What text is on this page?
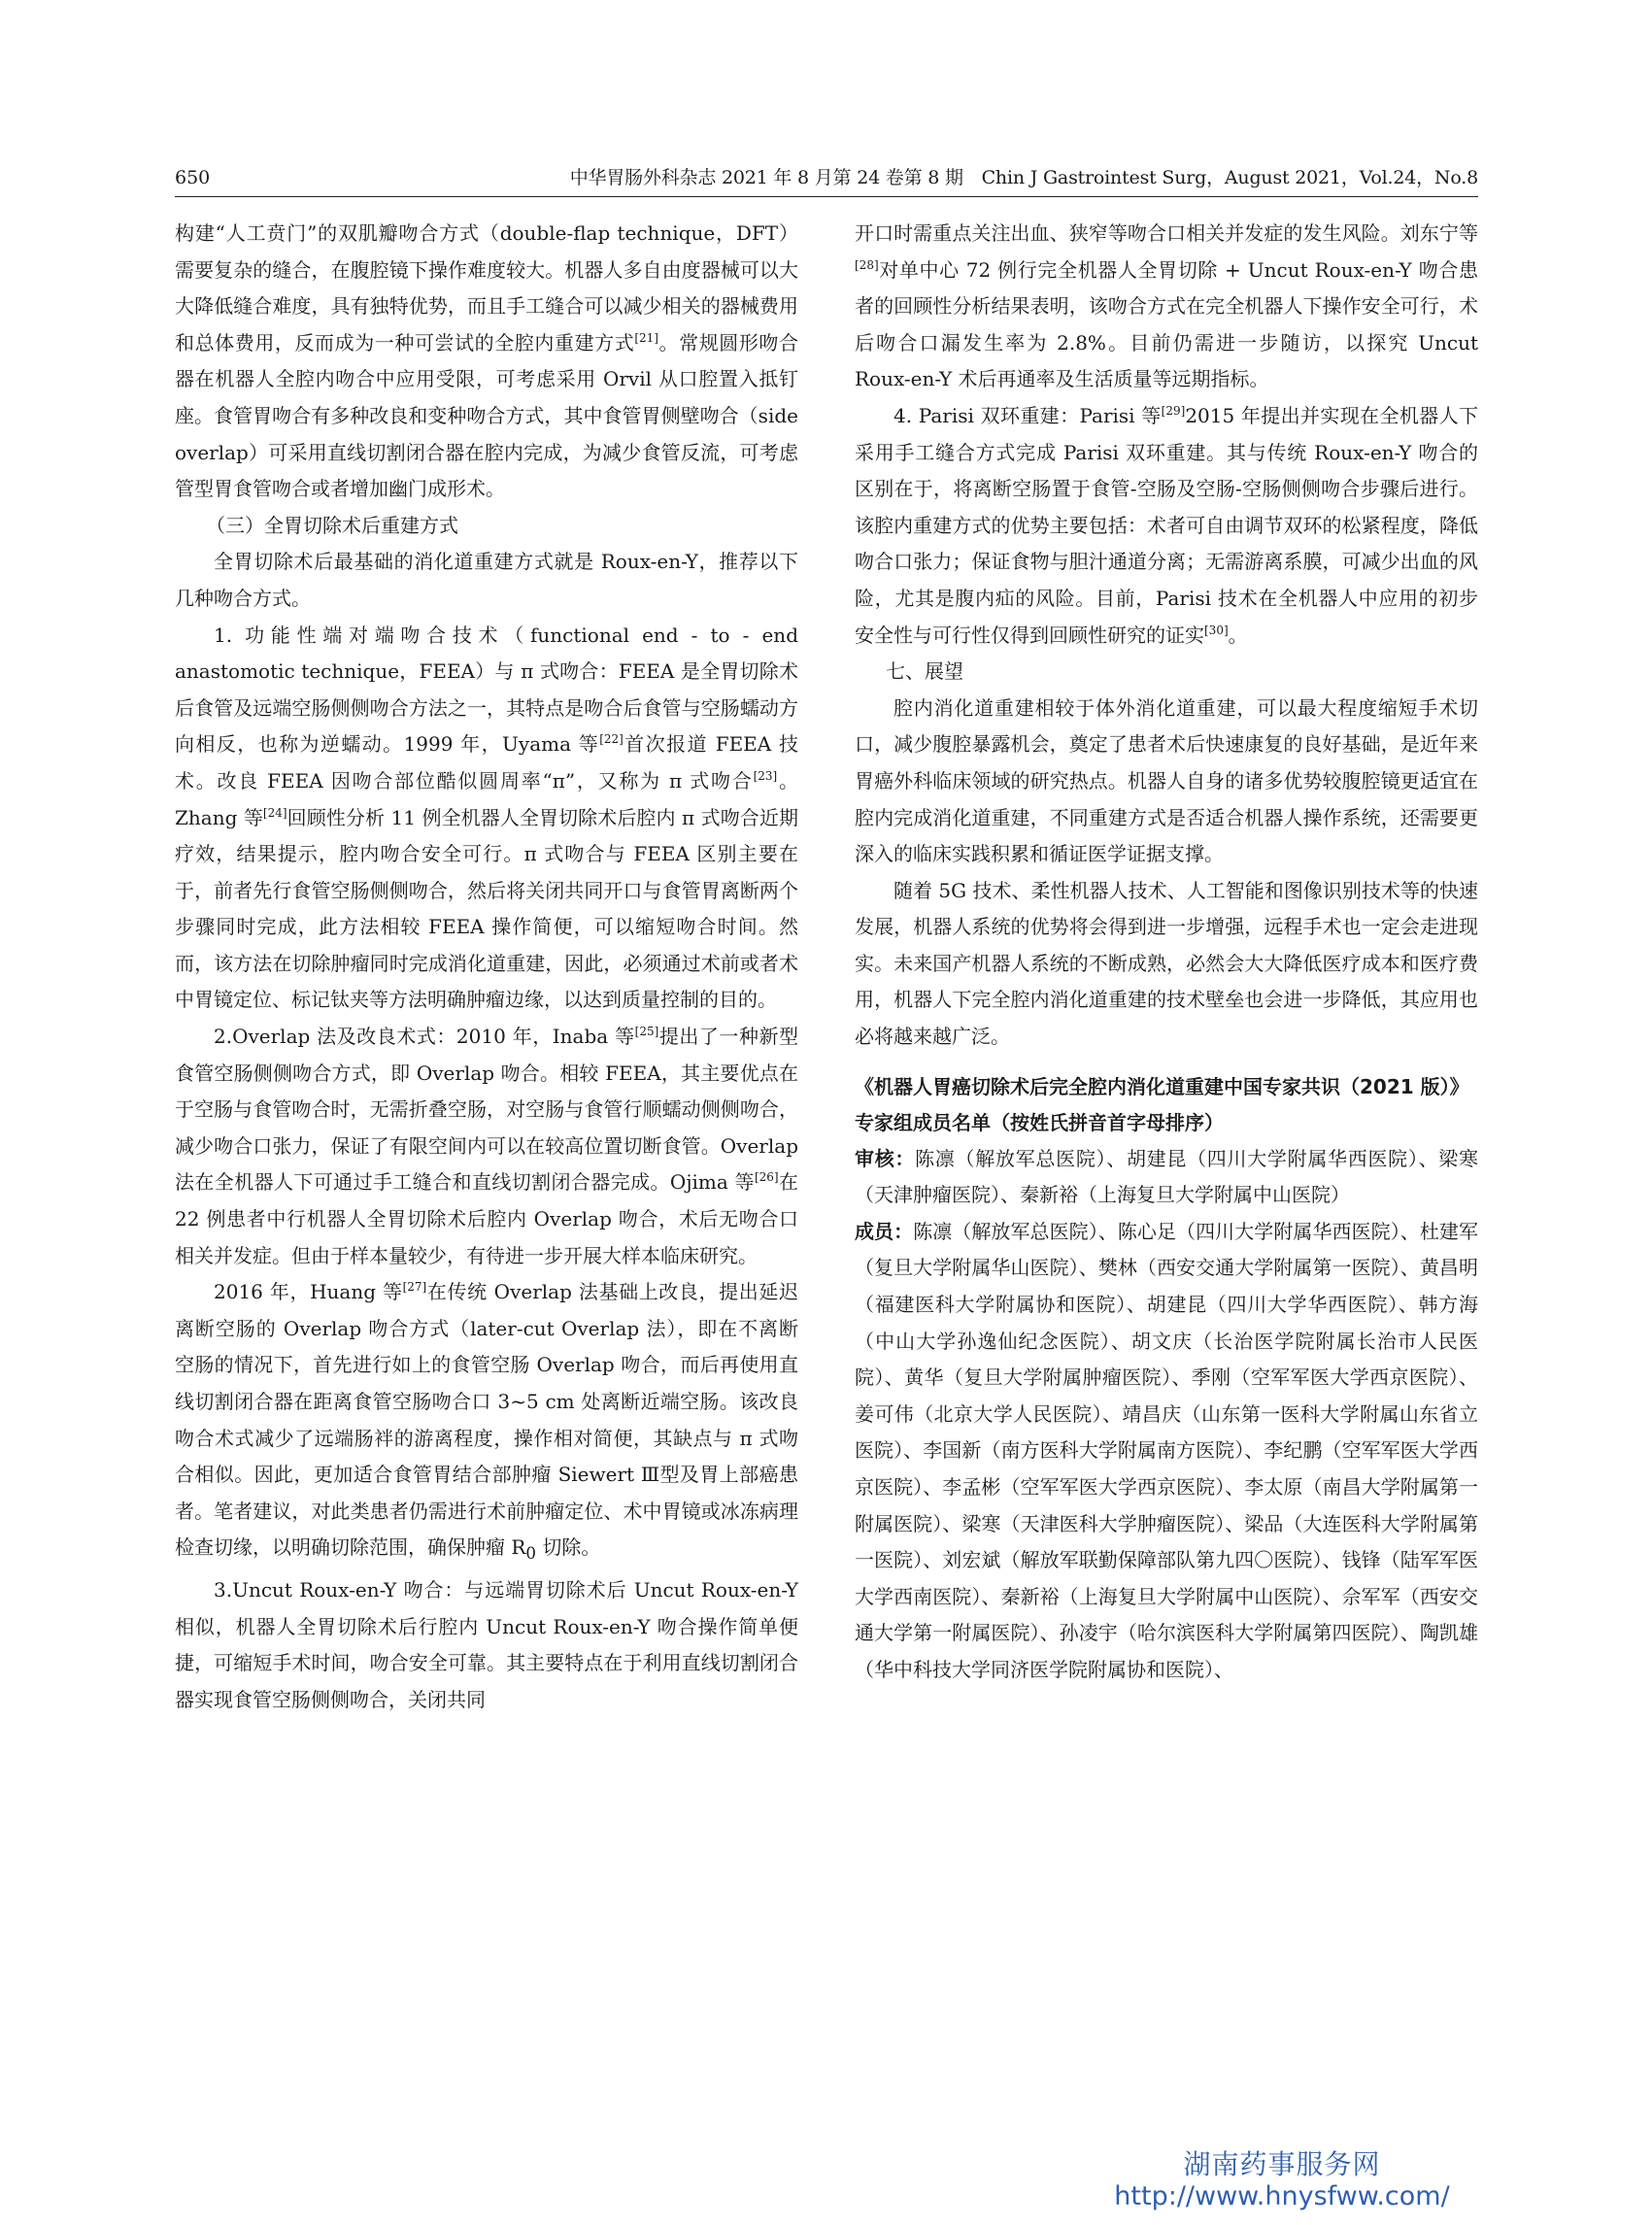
650	中华胃肠外科杂志 2021 年 8 月第 24 卷第 8 期　Chin J Gastrointest Surg，August 2021，Vol.24，No.8

构建“人工贲门”的双肌瓣吻合方式（double-flap technique，DFT）需要复杂的缝合，在腹腔镜下操作难度较大。机器人多自由度器械可以大大降低缝合难度，具有独特优势，而且手工缝合可以减少相关的器械费用和总体费用，反而成为一种可尝试的全腔内重建方式[21]。常规圆形吻合器在机器人全腔内吻合中应用受限，可考虑采用 Orvil 从口腔置入抵钉座。食管胃吻合有多种改良和变种吻合方式，其中食管胃侧壁吻合（side overlap）可采用直线切割闭合器在腔内完成，为减少食管反流，可考虑管型胃食管吻合或者增加幽门成形术。

（三）全胃切除术后重建方式

全胃切除术后最基础的消化道重建方式就是 Roux-en-Y，推荐以下几种吻合方式。

1. 功能性端对端吻合技术（functional end - to - end anastomotic technique，FEEA）与 π 式吻合：FEEA 是全胃切除术后食管及远端空肠侧侧吻合方法之一，其特点是吻合后食管与空肠蠕动方向相反，也称为逆蠕动。1999 年，Uyama 等[22]首次报道 FEEA 技术。改良 FEEA 因吻合部位酷似圆周率“π”，又称为 π 式吻合[23]。Zhang 等[24]回顾性分析 11 例全机器人全胃切除术后腔内 π 式吻合近期疗效，结果提示，腔内吻合安全可行。π 式吻合与 FEEA 区别主要在于，前者先行食管空肠侧侧吻合，然后将关闭共同开口与食管胃离断两个步骤同时完成，此方法相较 FEEA 操作简便，可以缩短吻合时间。然而，该方法在切除肿瘤同时完成消化道重建，因此，必须通过术前或者术中胃镜定位、标记钛夹等方法明确肿瘤边缘，以达到质量控制的目的。

2.Overlap 法及改良术式：2010 年，Inaba 等[25]提出了一种新型食管空肠侧侧吻合方式，即 Overlap 吻合。相较 FEEA，其主要优点在于空肠与食管吻合时，无需折叠空肠，对空肠与食管行顺蠕动侧侧吻合，减少吻合口张力，保证了有限空间内可以在较高位置切断食管。Overlap 法在全机器人下可通过手工缝合和直线切割闭合器完成。Ojima 等[26]在 22 例患者中行机器人全胃切除术后腔内 Overlap 吻合，术后无吻合口相关并发症。但由于样本量较少，有待进一步开展大样本临床研究。

2016 年，Huang 等[27]在传统 Overlap 法基础上改良，提出延迟离断空肠的 Overlap 吻合方式（later-cut Overlap 法），即在不离断空肠的情况下，首先进行如上的食管空肠 Overlap 吻合，而后再使用直线切割闭合器在距离食管空肠吻合口 3~5 cm 处离断近端空肠。该改良吻合术式减少了远端肠袢的游离程度，操作相对简便，其缺点与 π 式吻合相似。因此，更加适合食管胃结合部肿瘤 Siewert Ⅲ型及胃上部癌患者。笔者建议，对此类患者仍需进行术前肿瘤定位、术中胃镜或冰冻病理检查切缘，以明确切除范围，确保肿瘤 $R_0$ 切除。

3.Uncut Roux-en-Y 吻合：与远端胃切除术后 Uncut Roux-en-Y 相似，机器人全胃切除术后行腔内 Uncut Roux-en-Y 吻合操作简单便捷，可缩短手术时间，吻合安全可靠。其主要特点在于利用直线切割闭合器实现食管空肠侧侧吻合，关闭共同

开口时需重点关注出血、狭窄等吻合口相关并发症的发生风险。刘东宁等[28]对单中心 72 例行完全机器人全胃切除 + Uncut Roux-en-Y 吻合患者的回顾性分析结果表明，该吻合方式在完全机器人下操作安全可行，术后吻合口漏发生率为 2.8%。目前仍需进一步随访，以探究 Uncut Roux-en-Y 术后再通率及生活质量等远期指标。

4. Parisi 双环重建：Parisi 等[29]2015 年提出并实现在全机器人下采用手工缝合方式完成 Parisi 双环重建。其与传统 Roux-en-Y 吻合的区别在于，将离断空肠置于食管-空肠及空肠-空肠侧侧吻合步骤后进行。该腔内重建方式的优势主要包括：术者可自由调节双环的松紧程度，降低吻合口张力；保证食物与胆汁通道分离；无需游离系膜，可减少出血的风险，尤其是腹内疝的风险。目前，Parisi 技术在全机器人中应用的初步安全性与可行性仅得到回顾性研究的证实[30]。

七、展望

腔内消化道重建相较于体外消化道重建，可以最大程度缩短手术切口，减少腹腔暴露机会，奠定了患者术后快速康复的良好基础，是近年来胃癌外科临床领域的研究热点。机器人自身的诸多优势较腹腔镜更适宜在腔内完成消化道重建，不同重建方式是否适合机器人操作系统，还需要更深入的临床实践积累和循证医学证据支撑。

随着 5G 技术、柔性机器人技术、人工智能和图像识别技术等的快速发展，机器人系统的优势将会得到进一步增强，远程手术也一定会走进现实。未来国产机器人系统的不断成熟，必然会大大降低医疗成本和医疗费用，机器人下完全腔内消化道重建的技术壁垒也会进一步降低，其应用也必将越来越广泛。

《机器人胃癌切除术后完全腔内消化道重建中国专家共识（2021 版）》专家组成员名单（按姓氏拼音首字母排序）

审核：陈凛（解放军总医院）、胡建昆（四川大学附属华西医院）、梁寒（天津肿瘤医院）、秦新裕（上海复旦大学附属中山医院）

成员：陈凛（解放军总医院）、陈心足（四川大学附属华西医院）、杜建军（复旦大学附属华山医院）、樊林（西安交通大学附属第一医院）、黄昌明（福建医科大学附属协和医院）、胡建昆（四川大学华西医院）、韩方海（中山大学孙逸仙纪念医院）、胡文庆（长治医学院附属长治市人民医院）、黄华（复旦大学附属肿瘤医院）、季刚（空军军医大学西京医院）、姜可伟（北京大学人民医院）、靖昌庆（山东第一医科大学附属山东省立医院）、李国新（南方医科大学附属南方医院）、李纪鹏（空军军医大学西京医院）、李孟彬（空军军医大学西京医院）、李太原（南昌大学附属第一附属医院）、梁寒（天津医科大学肿瘤医院）、梁品（大连医科大学附属第一医院）、刘宏斌（解放军联勤保障部队第九四〇医院）、钱锋（陆军军医大学西南医院）、秦新裕（上海复旦大学附属中山医院）、佘军军（西安交通大学第一附属医院）、孙凌宇（哈尔滨医科大学附属第四医院）、陶凯雄（华中科技大学同济医学院附属协和医院）、

湖南药事服务网
http://www.hnysfww.com/
